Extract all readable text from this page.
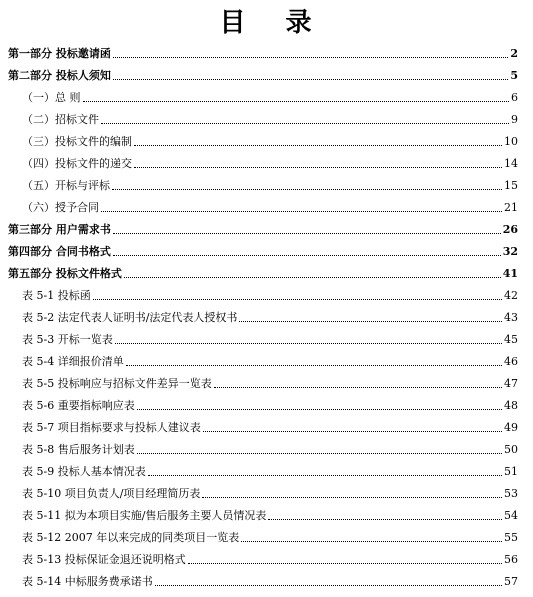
目 录
第一部分 投标邀请函	2
第二部分 投标人须知	5
（一）总 则	6
（二）招标文件	9
（三）投标文件的编制	10
（四）投标文件的递交	14
（五）开标与评标	15
（六）授予合同	21
第三部分 用户需求书	26
第四部分 合同书格式	32
第五部分 投标文件格式	41
表 5-1 投标函	42
表 5-2 法定代表人证明书/法定代表人授权书	43
表 5-3 开标一览表	45
表 5-4 详细报价清单	46
表 5-5 投标响应与招标文件差异一览表	47
表 5-6 重要指标响应表	48
表 5-7 项目指标要求与投标人建议表	49
表 5-8 售后服务计划表	50
表 5-9 投标人基本情况表	51
表 5-10 项目负责人/项目经理简历表	53
表 5-11 拟为本项目实施/售后服务主要人员情况表	54
表 5-12 2007 年以来完成的同类项目一览表	55
表 5-13 投标保证金退还说明格式	56
表 5-14 中标服务费承诺书	57
